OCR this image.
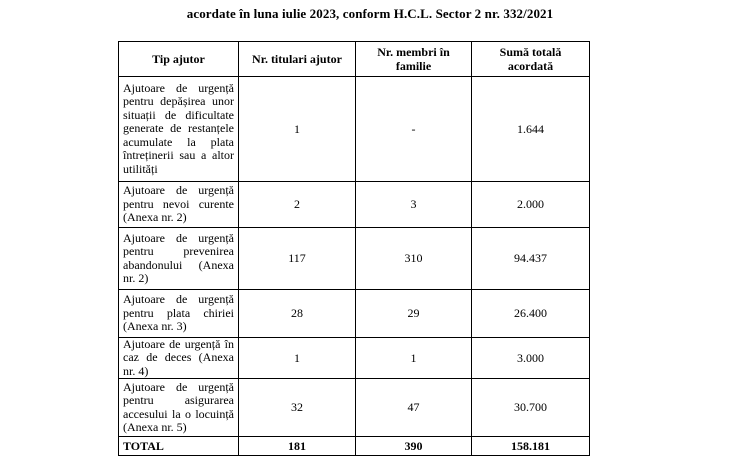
acordate în luna iulie 2023, conform H.C.L. Sector 2 nr. 332/2021
Tip ajutor	Nr. titulari ajutor	Nr. membri în familie	Sumă totală acordată
Ajutoare de urgență pentru depășirea unor situații de dificultate generate de restanțele acumulate la plata întreținerii sau a altor utilități	1	-	1.644
Ajutoare de urgență pentru nevoi curente (Anexa nr. 2)	2	3	2.000
Ajutoare de urgență pentru prevenirea abandonului (Anexa nr. 2)	117	310	94.437
Ajutoare de urgență pentru plata chiriei (Anexa nr. 3)	28	29	26.400
Ajutoare de urgență în caz de deces (Anexa nr. 4)	1	1	3.000
Ajutoare de urgență pentru asigurarea accesului la o locuință (Anexa nr. 5)	32	47	30.700
TOTAL	181	390	158.181
